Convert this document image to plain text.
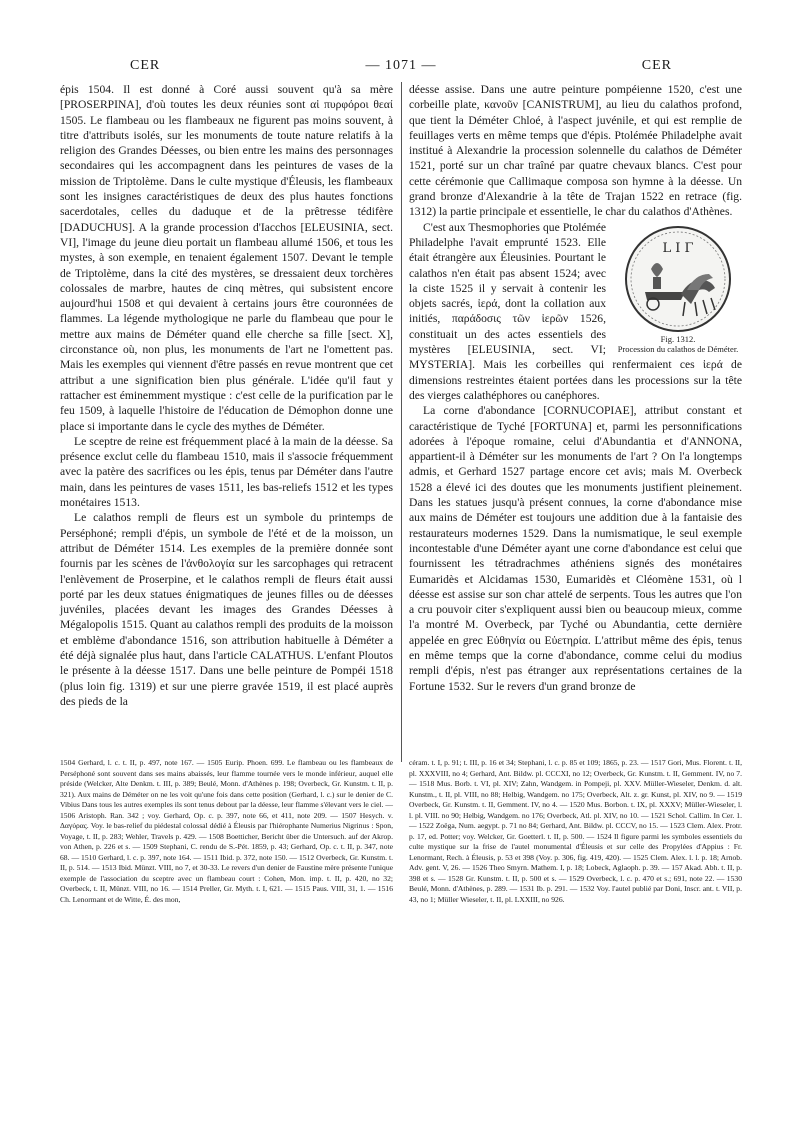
CER	— 1071 —	CER

épis 1504. Il est donné à Coré aussi souvent qu'à sa mère [PROSERPINA], d'où toutes les deux réunies sont αἱ πυρφόροι θεαί 1505. Le flambeau ou les flambeaux ne figurent pas moins souvent, à titre d'attributs isolés, sur les monuments de toute nature relatifs à la religion des Grandes Déesses, ou bien entre les mains des personnages secondaires qui les accompagnent dans les peintures de vases de la mission de Triptolème. Dans le culte mystique d'Éleusis, les flambeaux sont les insignes caractéristiques de deux des plus hautes fonctions sacerdotales, celles du daduque et de la prêtresse tédifère [DADUCHUS]. A la grande procession d'Iacchos [ELEUSINIA, sect. VI], l'image du jeune dieu portait un flambeau allumé 1506, et tous les mystes, à son exemple, en tenaient également 1507. Devant le temple de Triptolème, dans la cité des mystères, se dressaient deux torchères colossales de marbre, hautes de cinq mètres, qui subsistent encore aujourd'hui 1508 et qui devaient à certains jours être couronnées de flammes. La légende mythologique ne parle du flambeau que pour le mettre aux mains de Déméter quand elle cherche sa fille [sect. X], circonstance où, non plus, les monuments de l'art ne l'omettent pas. Mais les exemples qui viennent d'être passés en revue montrent que cet attribut a une signification bien plus générale. L'idée qu'il faut y rattacher est éminemment mystique : c'est celle de la purification par le feu 1509, à laquelle l'histoire de l'éducation de Démophon donne une place si importante dans le cycle des mythes de Déméter.

Le sceptre de reine est fréquemment placé à la main de la déesse. Sa présence exclut celle du flambeau 1510, mais il s'associe fréquemment avec la patère des sacrifices ou les épis, tenus par Déméter dans l'autre main, dans les peintures de vases 1511, les bas-reliefs 1512 et les types monétaires 1513.

Le calathos rempli de fleurs est un symbole du printemps de Perséphoné; rempli d'épis, un symbole de l'été et de la moisson, un attribut de Déméter 1514. Les exemples de la première donnée sont fournis par les scènes de l'ἀνθολογία sur les sarcophages qui retracent l'enlèvement de Proserpine, et le calathos rempli de fleurs était aussi porté par les deux statues énigmatiques de jeunes filles ou de déesses juvéniles, placées devant les images des Grandes Déesses à Mégalopolis 1515. Quant au calathos rempli des produits de la moisson et emblème d'abondance 1516, son attribution habituelle à Déméter a été déjà signalée plus haut, dans l'article CALATHUS. L'enfant Ploutos le présente à la déesse 1517. Dans une belle peinture de Pompéi 1518 (plus loin fig. 1319) et sur une pierre gravée 1519, il est placé auprès des pieds de la

déesse assise. Dans une autre peinture pompéienne 1520, c'est une corbeille plate, κανοῦν [CANISTRUM], au lieu du calathos profond, que tient la Déméter Chloé, à l'aspect juvénile, et qui est remplie de feuillages verts en même temps que d'épis. Ptolémée Philadelphe avait institué à Alexandrie la procession solennelle du calathos de Déméter 1521, porté sur un char traîné par quatre chevaux blancs. C'est pour cette cérémonie que Callimaque composa son hymne à la déesse. Un grand bronze d'Alexandrie à la tête de Trajan 1522 en retrace (fig. 1312) la partie principale et essentielle, le char du calathos d'Athènes.

L I Γ
Fig. 1312.
Procession du calathos de Déméter.

C'est aux Thesmophories que Ptolémée Philadelphe l'avait emprunté 1523. Elle était étrangère aux Éleusinies. Pourtant le calathos n'en était pas absent 1524; avec la ciste 1525 il y servait à contenir les objets sacrés, ἱερά, dont la collation aux initiés, παράδοσις τῶν ἱερῶν 1526, constituait un des actes essentiels des mystères [ELEUSINIA, sect. VI; MYSTERIA]. Mais les corbeilles qui renfermaient ces ἱερά de dimensions restreintes étaient portées dans les processions sur la tête des vierges calathéphores ou canéphores.

La corne d'abondance [CORNUCOPIAE], attribut constant et caractéristique de Tyché [FORTUNA] et, parmi les personnifications adorées à l'époque romaine, celui d'Abundantia et d'ANNONA, appartient-il à Déméter sur les monuments de l'art ? On l'a longtemps admis, et Gerhard 1527 partage encore cet avis; mais M. Overbeck 1528 a élevé ici des doutes que les monuments justifient pleinement. Dans les statues jusqu'à présent connues, la corne d'abondance mise aux mains de Déméter est toujours une addition due à la fantaisie des restaurateurs modernes 1529. Dans la numismatique, le seul exemple incontestable d'une Déméter ayant une corne d'abondance est celui que fournissent les tétradrachmes athéniens signés des monétaires Eumaridès et Alcidamas 1530, Eumaridès et Cléomène 1531, où l déesse est assise sur son char attelé de serpents. Tous les autres que l'on a cru pouvoir citer s'expliquent aussi bien ou beaucoup mieux, comme l'a montré M. Overbeck, par Tyché ou Abundantia, cette dernière appelée en grec Εὐθηνία ou Εὐετηρία. L'attribut même des épis, tenus en même temps que la corne d'abondance, comme celui du modius rempli d'épis, n'est pas étranger aux représentations certaines de la Fortune 1532. Sur le revers d'un grand bronze de

1504 Gerhard, l. c. t. II, p. 497, note 167. — 1505 Eurip. Phoen. 699. Le flambeau ou les flambeaux de Perséphoné sont souvent dans ses mains abaissés, leur flamme tournée vers le monde inférieur, auquel elle préside (Welcker, Alte Denkm. t. III, p. 389; Beulé, Monn. d'Athènes p. 198; Overbeck, Gr. Kunstm. t. II, p. 321). Aux mains de Déméter on ne les voit qu'une fois dans cette position (Gerhard, l. c.) sur le denier de C. Vibius Dans tous les autres exemples ils sont tenus debout par la déesse, leur flamme s'élevant vers le ciel. — 1506 Aristoph. Ran. 342 ; voy. Gerhard, Op. c. p. 397, note 66, et 411, note 209. — 1507 Hesych. v. Δαγύρας. Voy. le bas-relief du piédestal colossal dédié à Éleusis par l'hiérophante Numerius Nigrinus : Spon, Voyage, t. II, p. 283; Wehler, Travels p. 429. — 1508 Boetticher, Bericht über die Untersuch. auf der Akrop. von Athen, p. 226 et s. — 1509 Stephani, C. rendu de S.-Pét. 1859, p. 43; Gerhard, Op. c. t. II, p. 347, note 68. — 1510 Gerhard, l. c. p. 397, note 164. — 1511 Ibid. p. 372, note 150. — 1512 Overbeck, Gr. Kunstm. t. II, p. 514. — 1513 Ibid. Münzt. VIII, no 7, et 30-33. Le revers d'un denier de Faustine mère présente l'unique exemple de l'association du sceptre avec un flambeau court : Cohen, Mon. imp. t. II, p. 420, no 32; Overbeck, t. II, Münzt. VIII, no 16. — 1514 Preller, Gr. Myth. t. I, 621. — 1515 Paus. VIII, 31, 1. — 1516 Ch. Lenormant et de Witte, É. des mon,
céram. t. I, p. 91; t. III, p. 16 et 34; Stephani, l. c. p. 85 et 109; 1865, p. 23. — 1517 Gori, Mus. Florent. t. II, pl. XXXVIII, no 4; Gerhard, Ant. Bildw. pl. CCCXI, no 12; Overbeck, Gr. Kunstm. t. II, Gemment. IV, no 7. — 1518 Mus. Borb. t. VI, pl. XIV; Zahn, Wandgem. in Pompeji, pl. XXV. Müller-Wieseler, Denkm. d. alt. Kunstm., t. II, pl. VIII, no 88; Helbig, Wandgem. no 175; Overbeck, Alt. z. gr. Kunst, pl. XIV, no 9. — 1519 Overbeck, Gr. Kunstm. t. II, Gemment. IV, no 4. — 1520 Mus. Borbon. t. IX, pl. XXXV; Müller-Wieseler, l. l. pl. VIII. no 90; Helbig, Wandgem. no 176; Overbeck, Atl. pl. XIV, no 10. — 1521 Schol. Callim. In Cer. 1. — 1522 Zoëga, Num. aegypt. p. 71 no 84; Gerhard, Ant. Bildw. pl. CCCV, no 15. — 1523 Clem. Alex. Protr. p. 17, ed. Potter; voy. Welcker, Gr. Goetterl. t. II, p. 500. — 1524 Il figure parmi les symboles essentiels du culte mystique sur la frise de l'autel monumental d'Éleusis et sur celle des Propylées d'Appius : Fr. Lenormant, Rech. à Éleusis, p. 53 et 398 (Voy. p. 306, fig. 419, 420). — 1525 Clem. Alex. l. l. p. 18; Arnob. Adv. gent. V, 26. — 1526 Theo Smyrn. Mathem. I, p. 18; Lobeck, Aglaoph. p. 39. — 157 Akad. Abh. t. II, p. 398 et s. — 1528 Gr. Kunstm. t. II, p. 500 et s. — 1529 Overbeck, l. c. p. 470 et s.; 691, note 22. — 1530 Beulé, Monn. d'Athènes, p. 289. — 1531 Ib. p. 291. — 1532 Voy. l'autel publié par Doni, Inscr. ant. t. VII, p. 43, no 1; Müller Wieseler, t. II, pl. LXXIII, no 926.
